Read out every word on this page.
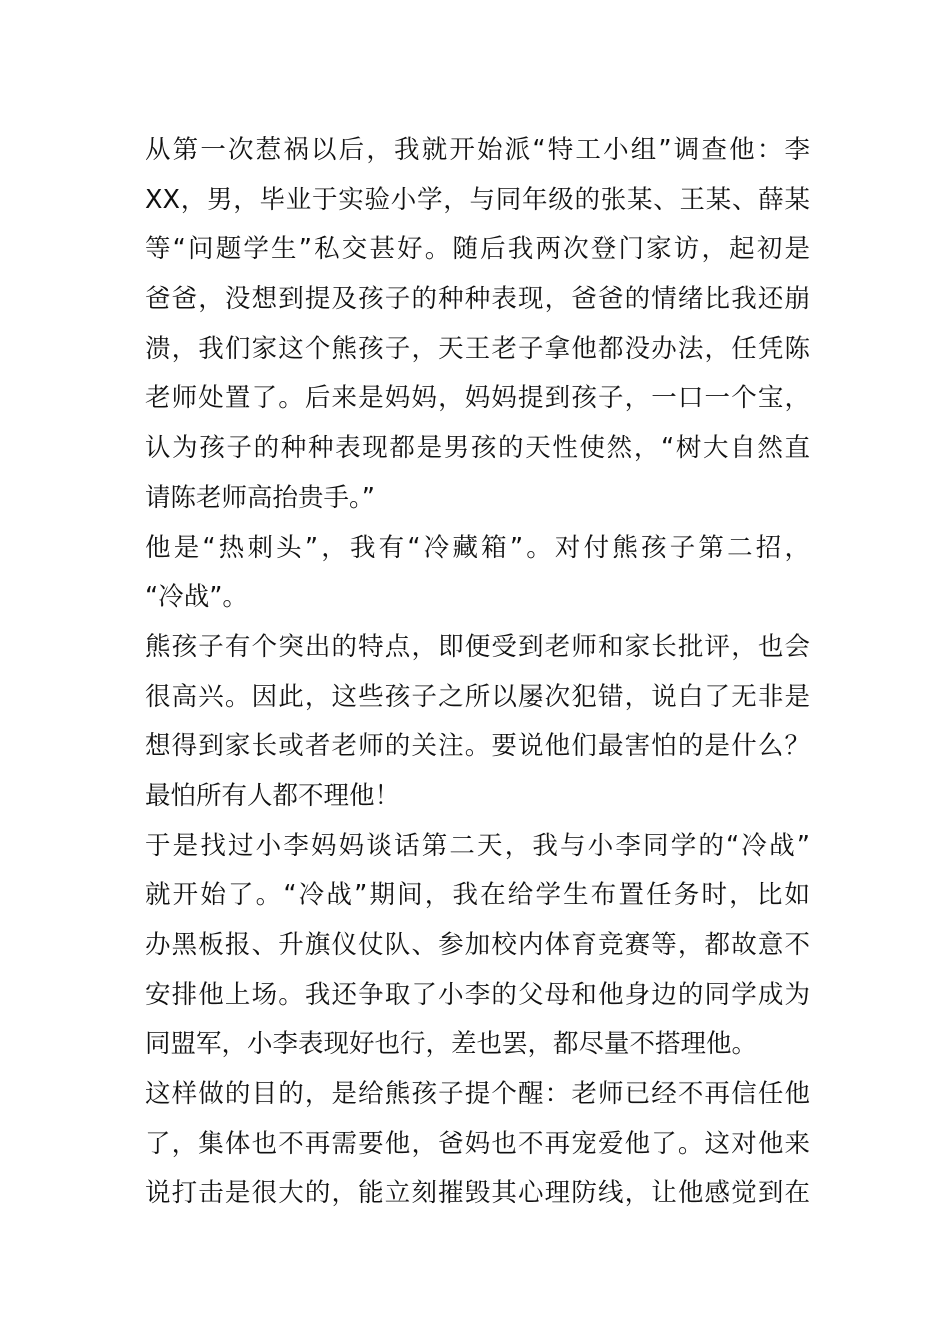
从第一次惹祸以后，我就开始派“特工小组”调查他：李
XX，男，毕业于实验小学，与同年级的张某、王某、薛某
等“问题学生”私交甚好。随后我两次登门家访，起初是
爸爸，没想到提及孩子的种种表现，爸爸的情绪比我还崩
溃，我们家这个熊孩子，天王老子拿他都没办法，任凭陈
老师处置了。后来是妈妈，妈妈提到孩子，一口一个宝，
认为孩子的种种表现都是男孩的天性使然，“树大自然直
请陈老师高抬贵手。”
他是“热刺头”，我有“冷藏箱”。对付熊孩子第二招，
“冷战”。
熊孩子有个突出的特点，即便受到老师和家长批评，也会
很高兴。因此，这些孩子之所以屡次犯错，说白了无非是
想得到家长或者老师的关注。要说他们最害怕的是什么？
最怕所有人都不理他！
于是找过小李妈妈谈话第二天，我与小李同学的“冷战”
就开始了。“冷战”期间，我在给学生布置任务时，比如
办黑板报、升旗仪仗队、参加校内体育竞赛等，都故意不
安排他上场。我还争取了小李的父母和他身边的同学成为
同盟军，小李表现好也行，差也罢，都尽量不搭理他。
这样做的目的，是给熊孩子提个醒：老师已经不再信任他
了，集体也不再需要他，爸妈也不再宠爱他了。这对他来
说打击是很大的，能立刻摧毁其心理防线，让他感觉到在
